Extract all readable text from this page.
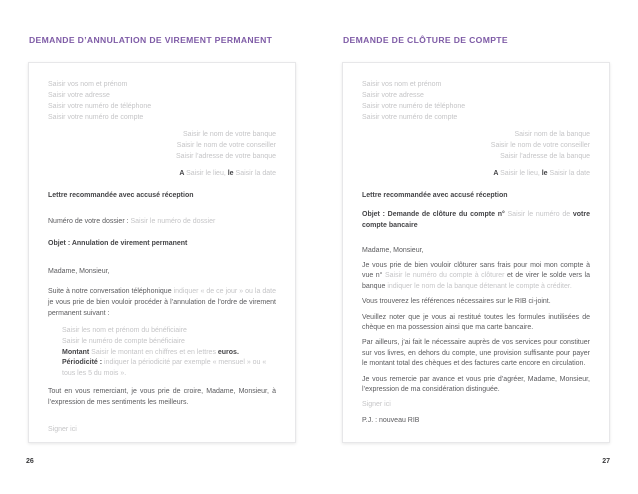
DEMANDE D’ANNULATION DE VIREMENT PERMANENT
Saisir vos nom et prénom
Saisir votre adresse
Saisir votre numéro de téléphone
Saisir votre numéro de compte
Saisir le nom de votre banque
Saisir le nom de votre conseiller
Saisir l’adresse de votre banque
A Saisir le lieu, le Saisir la date
Lettre recommandée avec accusé réception
Numéro de votre dossier : Saisir le numéro de dossier
Objet : Annulation de virement permanent
Madame, Monsieur,
Suite à notre conversation téléphonique indiquer « de ce jour » ou la date je vous prie de bien vouloir procéder à l’annulation de l’ordre de virement permanent suivant :
Saisir les nom et prénom du bénéficiaire
Saisir le numéro de compte bénéficiaire
Montant Saisir le montant en chiffres et en lettres euros.
Périodicité : indiquer la périodicité par exemple « mensuel » ou « tous les 5 du mois ».
Tout en vous remerciant, je vous prie de croire, Madame, Monsieur, à l’expression de mes sentiments les meilleurs.
Signer ici
DEMANDE DE CLÔTURE DE COMPTE
Saisir vos nom et prénom
Saisir votre adresse
Saisir votre numéro de téléphone
Saisir votre numéro de compte
Saisir nom de la banque
Saisir le nom de votre conseiller
Saisir l’adresse de la banque
A Saisir le lieu, le Saisir la date
Lettre recommandée avec accusé réception
Objet : Demande de clôture du compte n° Saisir le numéro de votre compte bancaire
Madame, Monsieur,
Je vous prie de bien vouloir clôturer sans frais pour moi mon compte à vue n° Saisir le numéro du compte à clôturer et de virer le solde vers la banque indiquer le nom de la banque détenant le compte à créditer.
Vous trouverez les références nécessaires sur le RIB ci-joint.
Veuillez noter que je vous ai restitué toutes les formules inutilisées de chèque en ma possession ainsi que ma carte bancaire.
Par ailleurs, j’ai fait le nécessaire auprès de vos services pour constituer sur vos livres, en dehors du compte, une provision suffisante pour payer le montant total des chèques et des factures carte encore en circulation.
Je vous remercie par avance et vous prie d’agréer, Madame, Monsieur, l’expression de ma considération distinguée.
Signer ici
P.J. : nouveau RIB
26	27
